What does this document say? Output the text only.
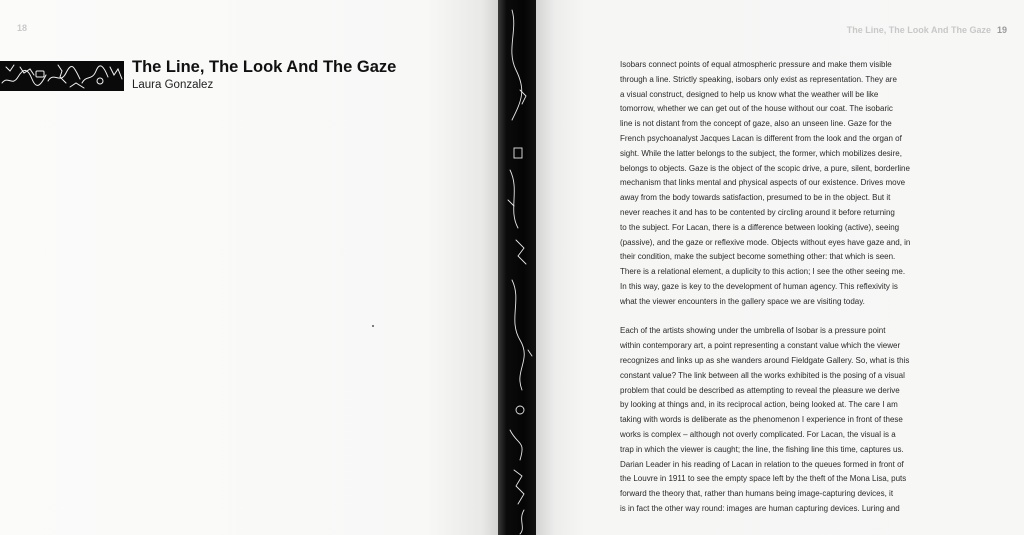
18
The Line, The Look And The Gaze

Laura Gonzalez

The Line, The Look And The Gaze 19
Isobars connect points of equal atmospheric pressure and make them visible
through a line. Strictly speaking, isobars only exist as representation. They are
a visual construct, designed to help us know what the weather will be like
tomorrow, whether we can get out of the house without our coat. The isobaric
line is not distant from the concept of gaze, also an unseen line. Gaze for the
French psychoanalyst Jacques Lacan is different from the look and the organ of
sight. While the latter belongs to the subject, the former, which mobilizes desire,
belongs to objects. Gaze is the object of the scopic drive, a pure, silent, borderline
mechanism that links mental and physical aspects of our existence. Drives move
away from the body towards satisfaction, presumed to be in the object. But it
never reaches it and has to be contented by circling around it before returning
to the subject. For Lacan, there is a difference between looking (active), seeing
(passive), and the gaze or reflexive mode. Objects without eyes have gaze and, in
their condition, make the subject become something other: that which is seen.
There is a relational element, a duplicity to this action; I see the other seeing me.
In this way, gaze is key to the development of human agency. This reflexivity is
what the viewer encounters in the gallery space we are visiting today.
Each of the artists showing under the umbrella of Isobar is a pressure point
within contemporary art, a point representing a constant value which the viewer
recognizes and links up as she wanders around Fieldgate Gallery. So, what is this
constant value? The link between all the works exhibited is the posing of a visual
problem that could be described as attempting to reveal the pleasure we derive
by looking at things and, in its reciprocal action, being looked at. The care I am
taking with words is deliberate as the phenomenon I experience in front of these
works is complex – although not overly complicated. For Lacan, the visual is a
trap in which the viewer is caught; the line, the fishing line this time, captures us.
Darian Leader in his reading of Lacan in relation to the queues formed in front of
the Louvre in 1911 to see the empty space left by the theft of the Mona Lisa, puts
forward the theory that, rather than humans being image-capturing devices, it
is in fact the other way round: images are human capturing devices. Luring and
